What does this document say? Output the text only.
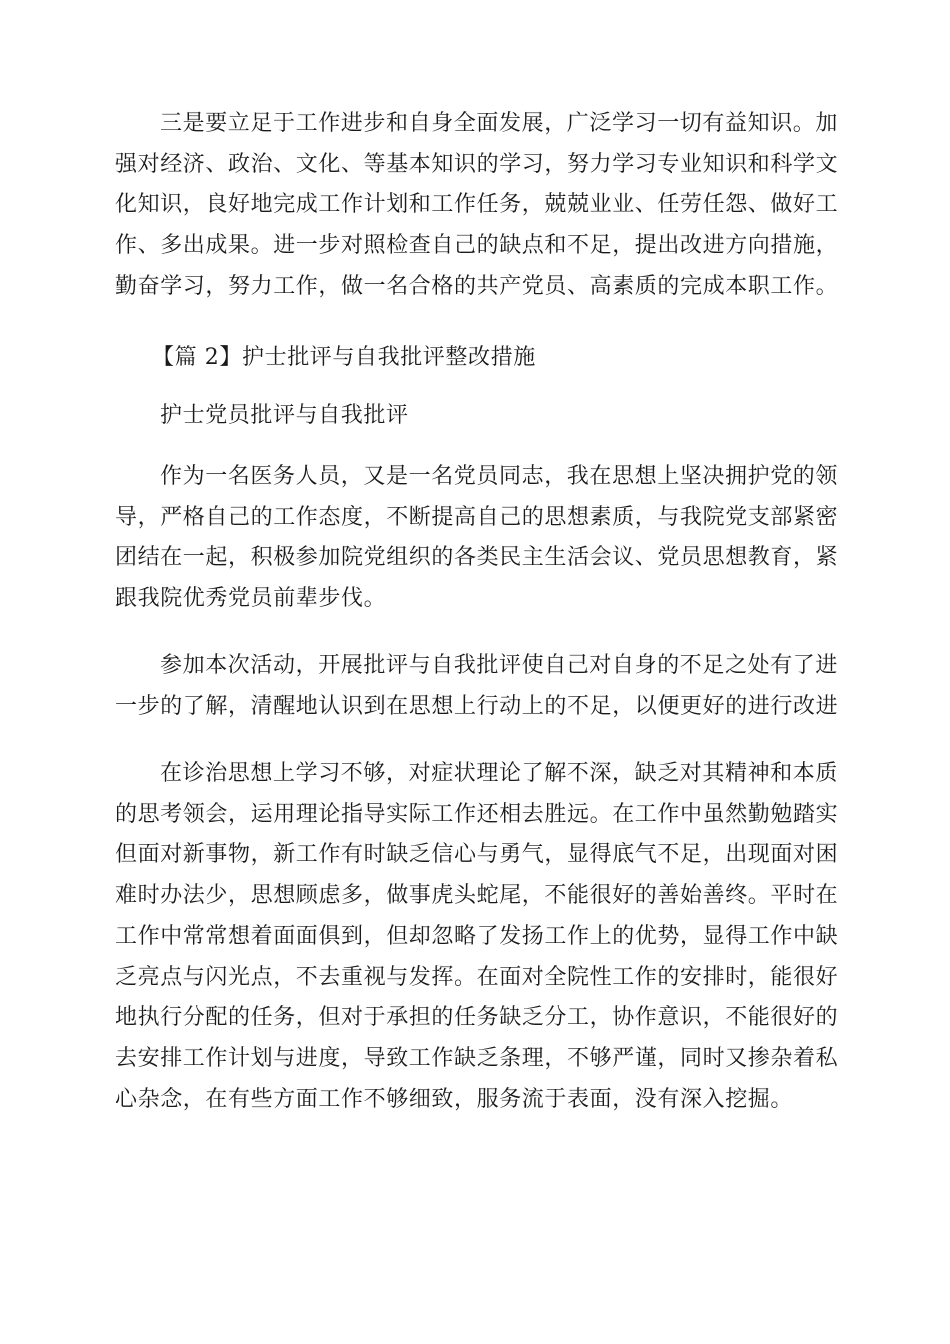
三是要立足于工作进步和自身全面发展，广泛学习一切有益知识。加
强对经济、政治、文化、等基本知识的学习，努力学习专业知识和科学文
化知识，良好地完成工作计划和工作任务，兢兢业业、任劳任怨、做好工
作、多出成果。进一步对照检查自己的缺点和不足，提出改进方向措施，
勤奋学习，努力工作，做一名合格的共产党员、高素质的完成本职工作。

【篇 2】护士批评与自我批评整改措施

护士党员批评与自我批评

作为一名医务人员，又是一名党员同志，我在思想上坚决拥护党的领
导，严格自己的工作态度，不断提高自己的思想素质，与我院党支部紧密
团结在一起，积极参加院党组织的各类民主生活会议、党员思想教育，紧
跟我院优秀党员前辈步伐。
参加本次活动，开展批评与自我批评使自己对自身的不足之处有了进
一步的了解，清醒地认识到在思想上行动上的不足，以便更好的进行改进
在诊治思想上学习不够，对症状理论了解不深，缺乏对其精神和本质
的思考领会，运用理论指导实际工作还相去胜远。在工作中虽然勤勉踏实
但面对新事物，新工作有时缺乏信心与勇气，显得底气不足，出现面对困
难时办法少，思想顾虑多，做事虎头蛇尾，不能很好的善始善终。平时在
工作中常常想着面面俱到，但却忽略了发扬工作上的优势，显得工作中缺
乏亮点与闪光点，不去重视与发挥。在面对全院性工作的安排时，能很好
地执行分配的任务，但对于承担的任务缺乏分工，协作意识，不能很好的
去安排工作计划与进度，导致工作缺乏条理，不够严谨，同时又掺杂着私
心杂念，在有些方面工作不够细致，服务流于表面，没有深入挖掘。
